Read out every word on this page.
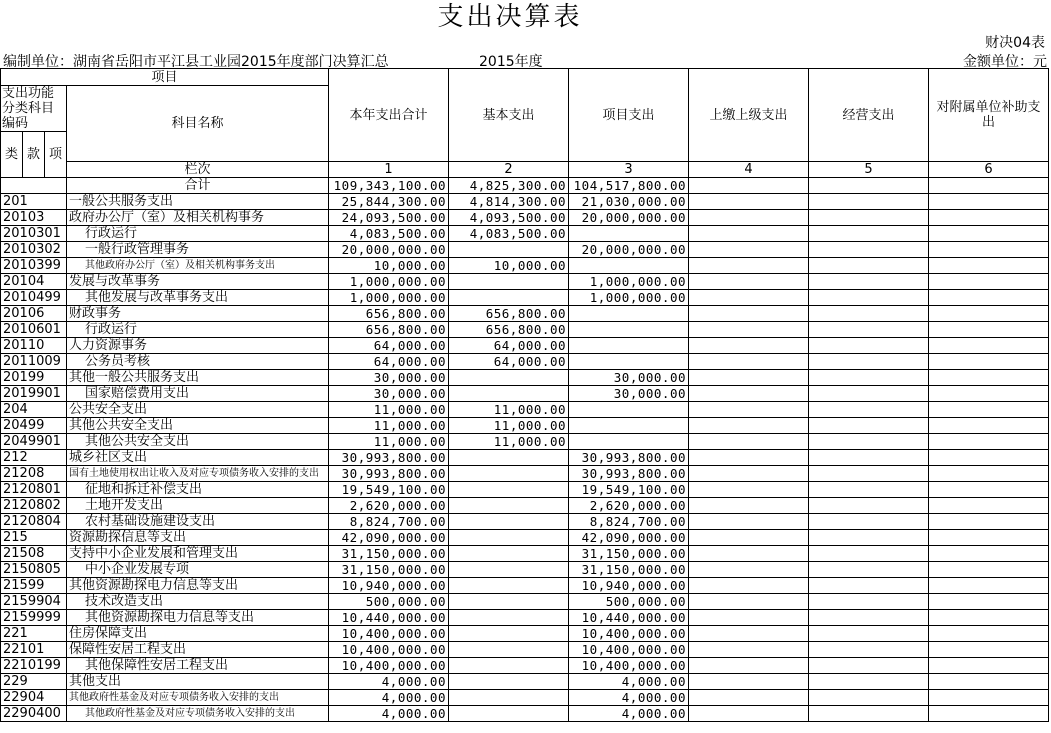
支出决算表
财决04表
编制单位：湖南省岳阳市平江县工业园2015年度部门决算汇总	2015年度	金额单位：元
项目				本年支出合计	基本支出	项目支出	上缴上级支出	经营支出	对附属单位补助支出
支出功能分类科目编码			科目名称						
类	款	项							
			栏次	1	2	3	4	5	6
			合计	109,343,100.00	4,825,300.00	104,517,800.00			
201			一般公共服务支出	25,844,300.00	4,814,300.00	21,030,000.00			
20103			政府办公厅（室）及相关机构事务	24,093,500.00	4,093,500.00	20,000,000.00			
2010301			行政运行	4,083,500.00	4,083,500.00				
2010302			一般行政管理事务	20,000,000.00		20,000,000.00			
2010399			其他政府办公厅（室）及相关机构事务支出	10,000.00	10,000.00				
20104			发展与改革事务	1,000,000.00		1,000,000.00			
2010499			其他发展与改革事务支出	1,000,000.00		1,000,000.00			
20106			财政事务	656,800.00	656,800.00				
2010601			行政运行	656,800.00	656,800.00				
20110			人力资源事务	64,000.00	64,000.00				
2011009			公务员考核	64,000.00	64,000.00				
20199			其他一般公共服务支出	30,000.00		30,000.00			
2019901			国家赔偿费用支出	30,000.00		30,000.00			
204			公共安全支出	11,000.00	11,000.00				
20499			其他公共安全支出	11,000.00	11,000.00				
2049901			其他公共安全支出	11,000.00	11,000.00				
212			城乡社区支出	30,993,800.00		30,993,800.00			
21208			国有土地使用权出让收入及对应专项债务收入安排的支出	30,993,800.00		30,993,800.00			
2120801			征地和拆迁补偿支出	19,549,100.00		19,549,100.00			
2120802			土地开发支出	2,620,000.00		2,620,000.00			
2120804			农村基础设施建设支出	8,824,700.00		8,824,700.00			
215			资源勘探信息等支出	42,090,000.00		42,090,000.00			
21508			支持中小企业发展和管理支出	31,150,000.00		31,150,000.00			
2150805			中小企业发展专项	31,150,000.00		31,150,000.00			
21599			其他资源勘探电力信息等支出	10,940,000.00		10,940,000.00			
2159904			技术改造支出	500,000.00		500,000.00			
2159999			其他资源勘探电力信息等支出	10,440,000.00		10,440,000.00			
221			住房保障支出	10,400,000.00		10,400,000.00			
22101			保障性安居工程支出	10,400,000.00		10,400,000.00			
2210199			其他保障性安居工程支出	10,400,000.00		10,400,000.00			
229			其他支出	4,000.00		4,000.00			
22904			其他政府性基金及对应专项债务收入安排的支出	4,000.00		4,000.00			
2290400			其他政府性基金及对应专项债务收入安排的支出	4,000.00		4,000.00			
